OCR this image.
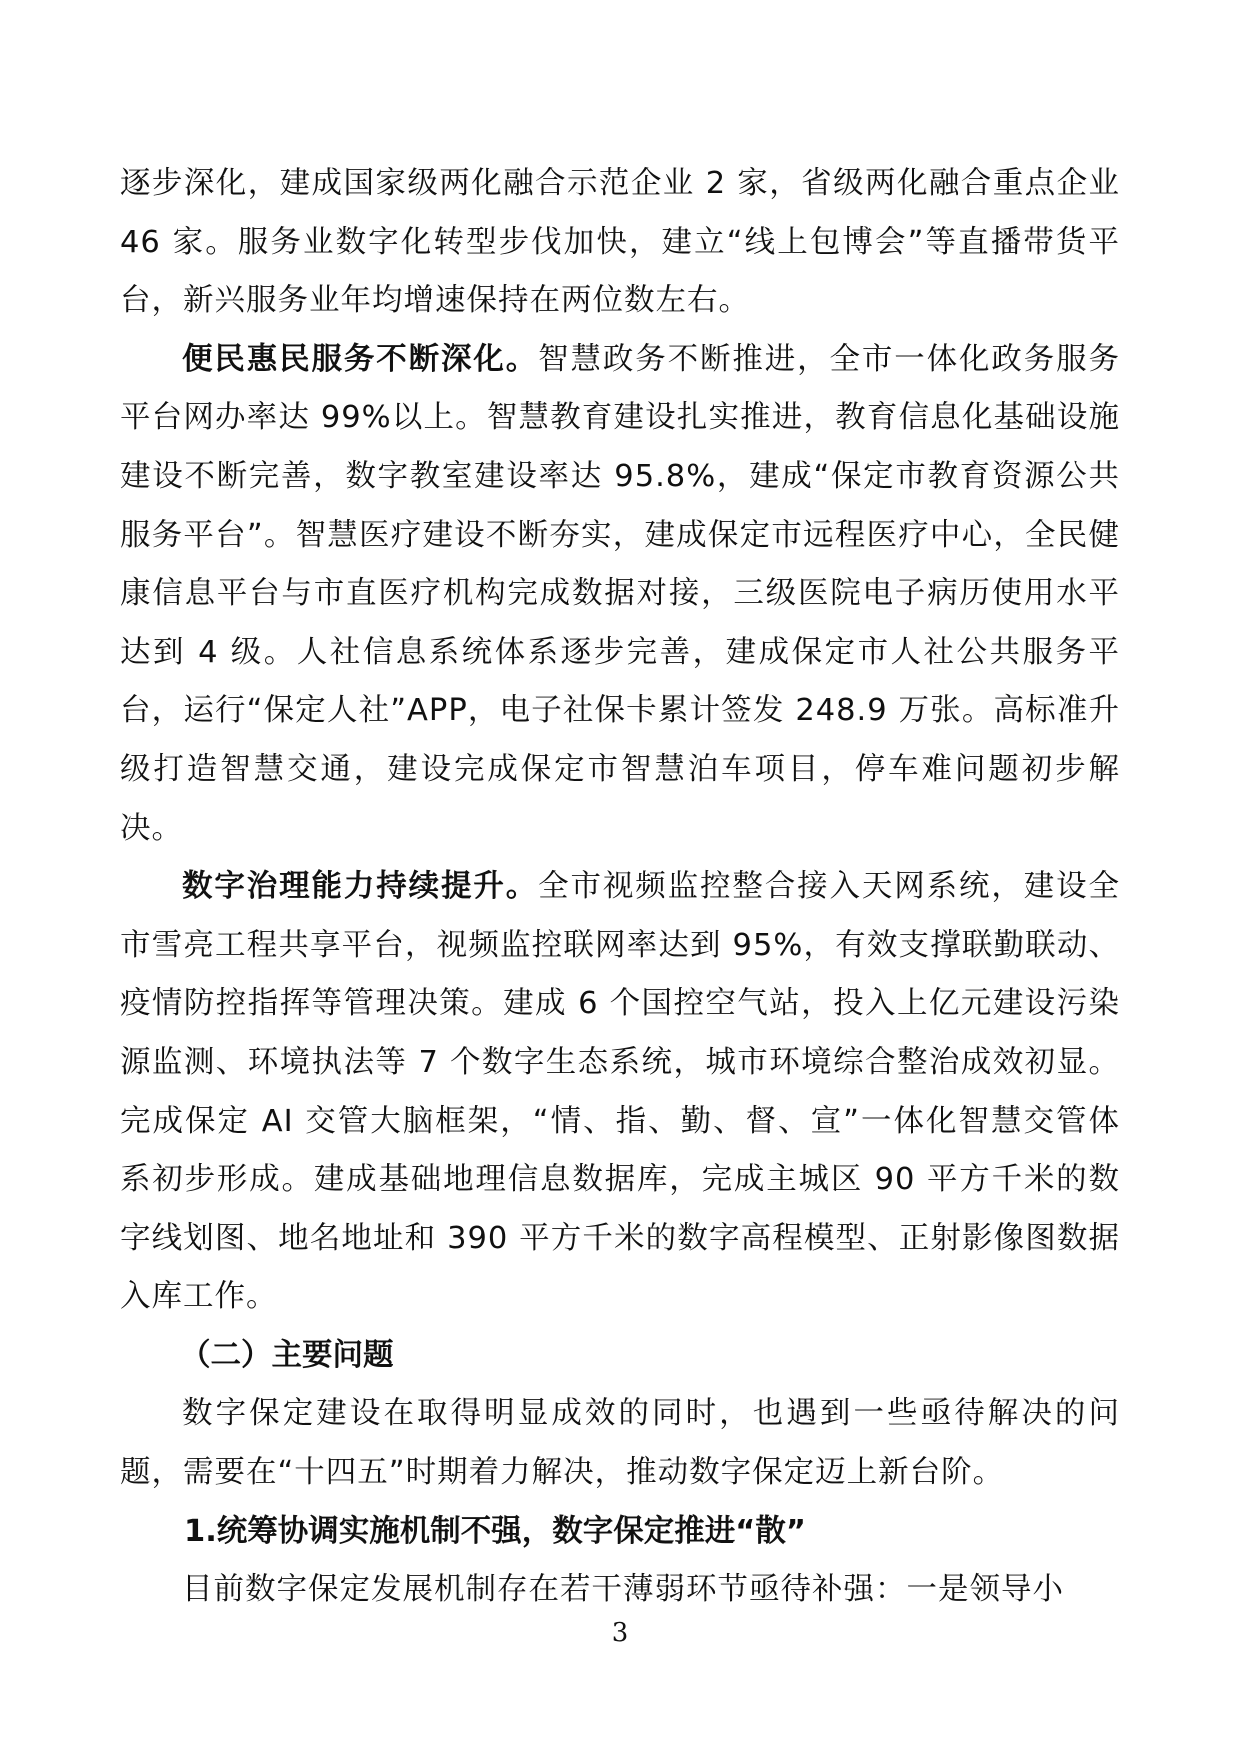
逐步深化，建成国家级两化融合示范企业 2 家，省级两化融合重点企业 46 家。服务业数字化转型步伐加快，建立“线上包博会”等直播带货平台，新兴服务业年均增速保持在两位数左右。

便民惠民服务不断深化。智慧政务不断推进，全市一体化政务服务平台网办率达 99%以上。智慧教育建设扎实推进，教育信息化基础设施建设不断完善，数字教室建设率达 95.8%，建成“保定市教育资源公共服务平台”。智慧医疗建设不断夯实，建成保定市远程医疗中心，全民健康信息平台与市直医疗机构完成数据对接，三级医院电子病历使用水平达到 4 级。人社信息系统体系逐步完善，建成保定市人社公共服务平台，运行“保定人社”APP，电子社保卡累计签发 248.9 万张。高标准升级打造智慧交通，建设完成保定市智慧泊车项目，停车难问题初步解决。

数字治理能力持续提升。全市视频监控整合接入天网系统，建设全市雪亮工程共享平台，视频监控联网率达到 95%，有效支撑联勤联动、疫情防控指挥等管理决策。建成 6 个国控空气站，投入上亿元建设污染源监测、环境执法等 7 个数字生态系统，城市环境综合整治成效初显。完成保定 AI 交管大脑框架，“情、指、勤、督、宣”一体化智慧交管体系初步形成。建成基础地理信息数据库，完成主城区 90 平方千米的数字线划图、地名地址和 390 平方千米的数字高程模型、正射影像图数据入库工作。

（二）主要问题

数字保定建设在取得明显成效的同时，也遇到一些亟待解决的问题，需要在“十四五”时期着力解决，推动数字保定迈上新台阶。

1.统筹协调实施机制不强，数字保定推进“散”

目前数字保定发展机制存在若干薄弱环节亟待补强：一是领导小

3
